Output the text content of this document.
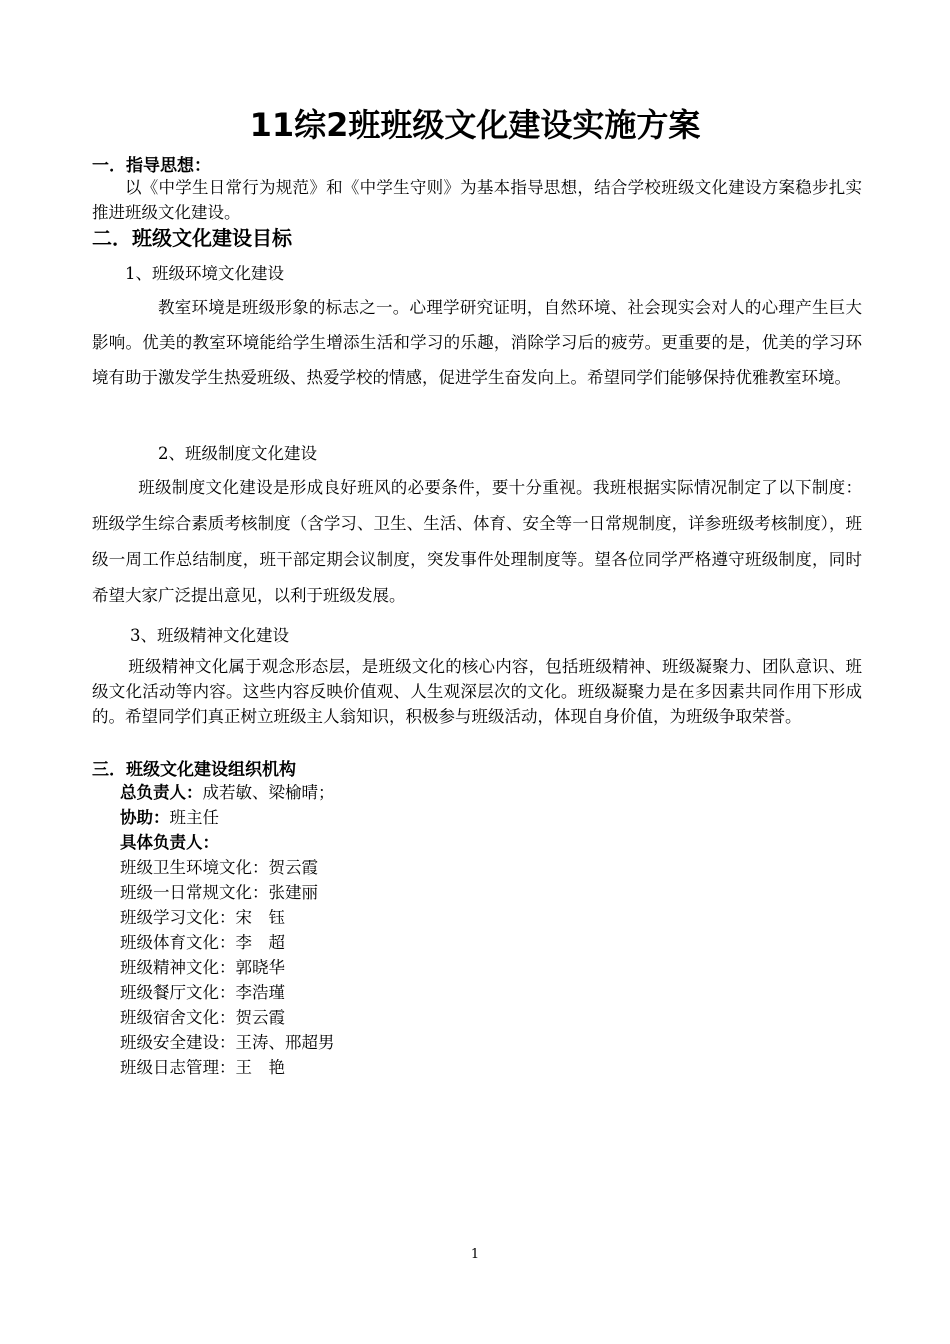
11综2班班级文化建设实施方案
一．指导思想：
以《中学生日常行为规范》和《中学生守则》为基本指导思想，结合学校班级文化建设方案稳步扎实推进班级文化建设。
二．班级文化建设目标
1、班级环境文化建设
教室环境是班级形象的标志之一。心理学研究证明，自然环境、社会现实会对人的心理产生巨大影响。优美的教室环境能给学生增添生活和学习的乐趣，消除学习后的疲劳。更重要的是，优美的学习环境有助于激发学生热爱班级、热爱学校的情感，促进学生奋发向上。希望同学们能够保持优雅教室环境。
2、班级制度文化建设
班级制度文化建设是形成良好班风的必要条件，要十分重视。我班根据实际情况制定了以下制度：班级学生综合素质考核制度（含学习、卫生、生活、体育、安全等一日常规制度，详参班级考核制度），班级一周工作总结制度，班干部定期会议制度，突发事件处理制度等。望各位同学严格遵守班级制度，同时希望大家广泛提出意见，以利于班级发展。
3、班级精神文化建设
班级精神文化属于观念形态层，是班级文化的核心内容，包括班级精神、班级凝聚力、团队意识、班级文化活动等内容。这些内容反映价值观、人生观深层次的文化。班级凝聚力是在多因素共同作用下形成的。希望同学们真正树立班级主人翁知识，积极参与班级活动，体现自身价值，为班级争取荣誉。
三．班级文化建设组织机构
总负责人：成若敏、梁榆晴；
协助：班主任
具体负责人：
班级卫生环境文化：贺云霞
班级一日常规文化：张建丽
班级学习文化：宋　钰
班级体育文化：李　超
班级精神文化：郭晓华
班级餐厅文化：李浩瑾
班级宿舍文化：贺云霞
班级安全建设：王涛、邢超男
班级日志管理：王　艳
1
